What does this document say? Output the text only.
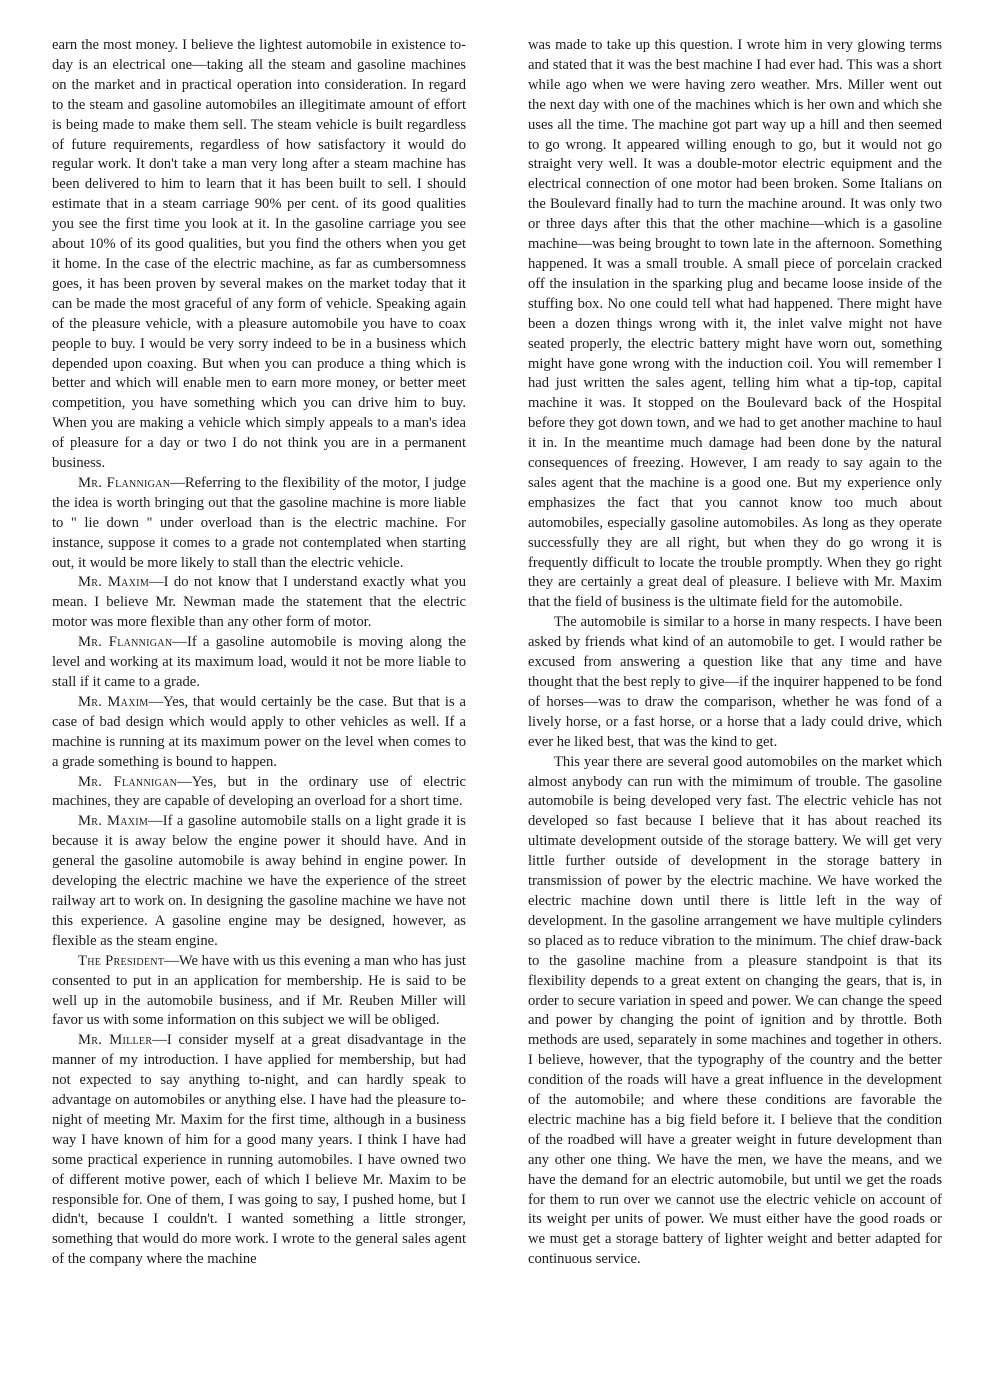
earn the most money. I believe the lightest automobile in existence to-day is an electrical one—taking all the steam and gasoline machines on the market and in practical operation into consideration. In regard to the steam and gasoline automobiles an illegitimate amount of effort is being made to make them sell. The steam vehicle is built regardless of future requirements, regardless of how satisfactory it would do regular work. It don't take a man very long after a steam machine has been delivered to him to learn that it has been built to sell. I should estimate that in a steam carriage 90% per cent. of its good qualities you see the first time you look at it. In the gasoline carriage you see about 10% of its good qualities, but you find the others when you get it home. In the case of the electric machine, as far as cumbersomness goes, it has been proven by several makes on the market today that it can be made the most graceful of any form of vehicle. Speaking again of the pleasure vehicle, with a pleasure automobile you have to coax people to buy. I would be very sorry indeed to be in a business which depended upon coaxing. But when you can produce a thing which is better and which will enable men to earn more money, or better meet competition, you have something which you can drive him to buy. When you are making a vehicle which simply appeals to a man's idea of pleasure for a day or two I do not think you are in a permanent business.

Mr. Flannigan—Referring to the flexibility of the motor, I judge the idea is worth bringing out that the gasoline machine is more liable to " lie down " under overload than is the electric machine. For instance, suppose it comes to a grade not contemplated when starting out, it would be more likely to stall than the electric vehicle.

Mr. Maxim—I do not know that I understand exactly what you mean. I believe Mr. Newman made the statement that the electric motor was more flexible than any other form of motor.

Mr. Flannigan—If a gasoline automobile is moving along the level and working at its maximum load, would it not be more liable to stall if it came to a grade.

Mr. Maxim—Yes, that would certainly be the case. But that is a case of bad design which would apply to other vehicles as well. If a machine is running at its maximum power on the level when comes to a grade something is bound to happen.

Mr. Flannigan—Yes, but in the ordinary use of electric machines, they are capable of developing an overload for a short time.

Mr. Maxim—If a gasoline automobile stalls on a light grade it is because it is away below the engine power it should have. And in general the gasoline automobile is away behind in engine power. In developing the electric machine we have the experience of the street railway art to work on. In designing the gasoline machine we have not this experience. A gasoline engine may be designed, however, as flexible as the steam engine.

The President—We have with us this evening a man who has just consented to put in an application for membership. He is said to be well up in the automobile business, and if Mr. Reuben Miller will favor us with some information on this subject we will be obliged.

Mr. Miller—I consider myself at a great disadvantage in the manner of my introduction. I have applied for membership, but had not expected to say anything to-night, and can hardly speak to advantage on automobiles or anything else. I have had the pleasure to-night of meeting Mr. Maxim for the first time, although in a business way I have known of him for a good many years. I think I have had some practical experience in running automobiles. I have owned two of different motive power, each of which I believe Mr. Maxim to be responsible for. One of them, I was going to say, I pushed home, but I didn't, because I couldn't. I wanted something a little stronger, something that would do more work. I wrote to the general sales agent of the company where the machine

was made to take up this question. I wrote him in very glowing terms and stated that it was the best machine I had ever had. This was a short while ago when we were having zero weather. Mrs. Miller went out the next day with one of the machines which is her own and which she uses all the time. The machine got part way up a hill and then seemed to go wrong. It appeared willing enough to go, but it would not go straight very well. It was a double-motor electric equipment and the electrical connection of one motor had been broken. Some Italians on the Boulevard finally had to turn the machine around. It was only two or three days after this that the other machine—which is a gasoline machine—was being brought to town late in the afternoon. Something happened. It was a small trouble. A small piece of porcelain cracked off the insulation in the sparking plug and became loose inside of the stuffing box. No one could tell what had happened. There might have been a dozen things wrong with it, the inlet valve might not have seated properly, the electric battery might have worn out, something might have gone wrong with the induction coil. You will remember I had just written the sales agent, telling him what a tip-top, capital machine it was. It stopped on the Boulevard back of the Hospital before they got down town, and we had to get another machine to haul it in. In the meantime much damage had been done by the natural consequences of freezing. However, I am ready to say again to the sales agent that the machine is a good one. But my experience only emphasizes the fact that you cannot know too much about automobiles, especially gasoline automobiles. As long as they operate successfully they are all right, but when they do go wrong it is frequently difficult to locate the trouble promptly. When they go right they are certainly a great deal of pleasure. I believe with Mr. Maxim that the field of business is the ultimate field for the automobile.

The automobile is similar to a horse in many respects. I have been asked by friends what kind of an automobile to get. I would rather be excused from answering a question like that any time and have thought that the best reply to give—if the inquirer happened to be fond of horses—was to draw the comparison, whether he was fond of a lively horse, or a fast horse, or a horse that a lady could drive, which ever he liked best, that was the kind to get.

This year there are several good automobiles on the market which almost anybody can run with the mimimum of trouble. The gasoline automobile is being developed very fast. The electric vehicle has not developed so fast because I believe that it has about reached its ultimate development outside of the storage battery. We will get very little further outside of development in the storage battery in transmission of power by the electric machine. We have worked the electric machine down until there is little left in the way of development. In the gasoline arrangement we have multiple cylinders so placed as to reduce vibration to the minimum. The chief draw-back to the gasoline machine from a pleasure standpoint is that its flexibility depends to a great extent on changing the gears, that is, in order to secure variation in speed and power. We can change the speed and power by changing the point of ignition and by throttle. Both methods are used, separately in some machines and together in others. I believe, however, that the typography of the country and the better condition of the roads will have a great influence in the development of the automobile; and where these conditions are favorable the electric machine has a big field before it. I believe that the condition of the roadbed will have a greater weight in future development than any other one thing. We have the men, we have the means, and we have the demand for an electric automobile, but until we get the roads for them to run over we cannot use the electric vehicle on account of its weight per units of power. We must either have the good roads or we must get a storage battery of lighter weight and better adapted for continuous service.
